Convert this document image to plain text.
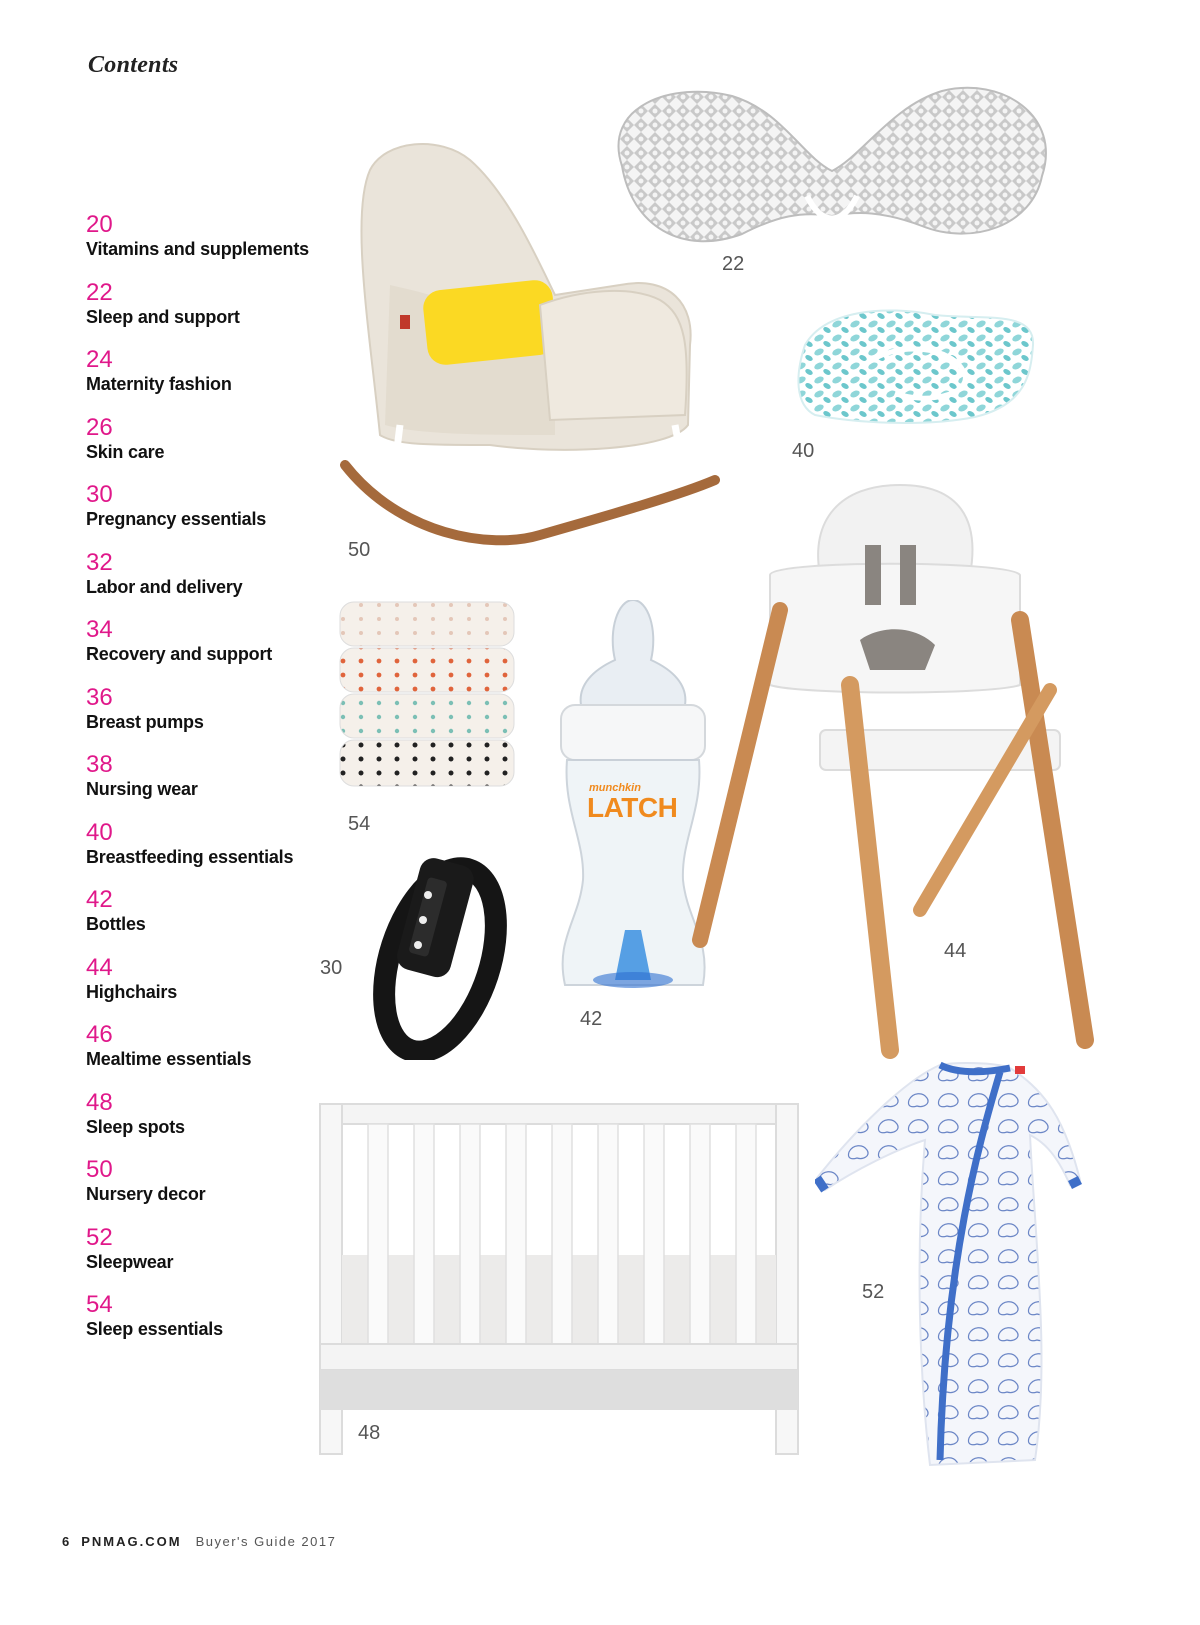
Contents
20
Vitamins and supplements
22
Sleep and support
24
Maternity fashion
26
Skin care
30
Pregnancy essentials
32
Labor and delivery
34
Recovery and support
36
Breast pumps
38
Nursing wear
40
Breastfeeding essentials
42
Bottles
44
Highchairs
46
Mealtime essentials
48
Sleep spots
50
Nursery decor
52
Sleepwear
54
Sleep essentials
22
40
50
54
munchkin
LATCH
42
30
44
48
52
6 PNMAG.COM Buyer's Guide 2017
